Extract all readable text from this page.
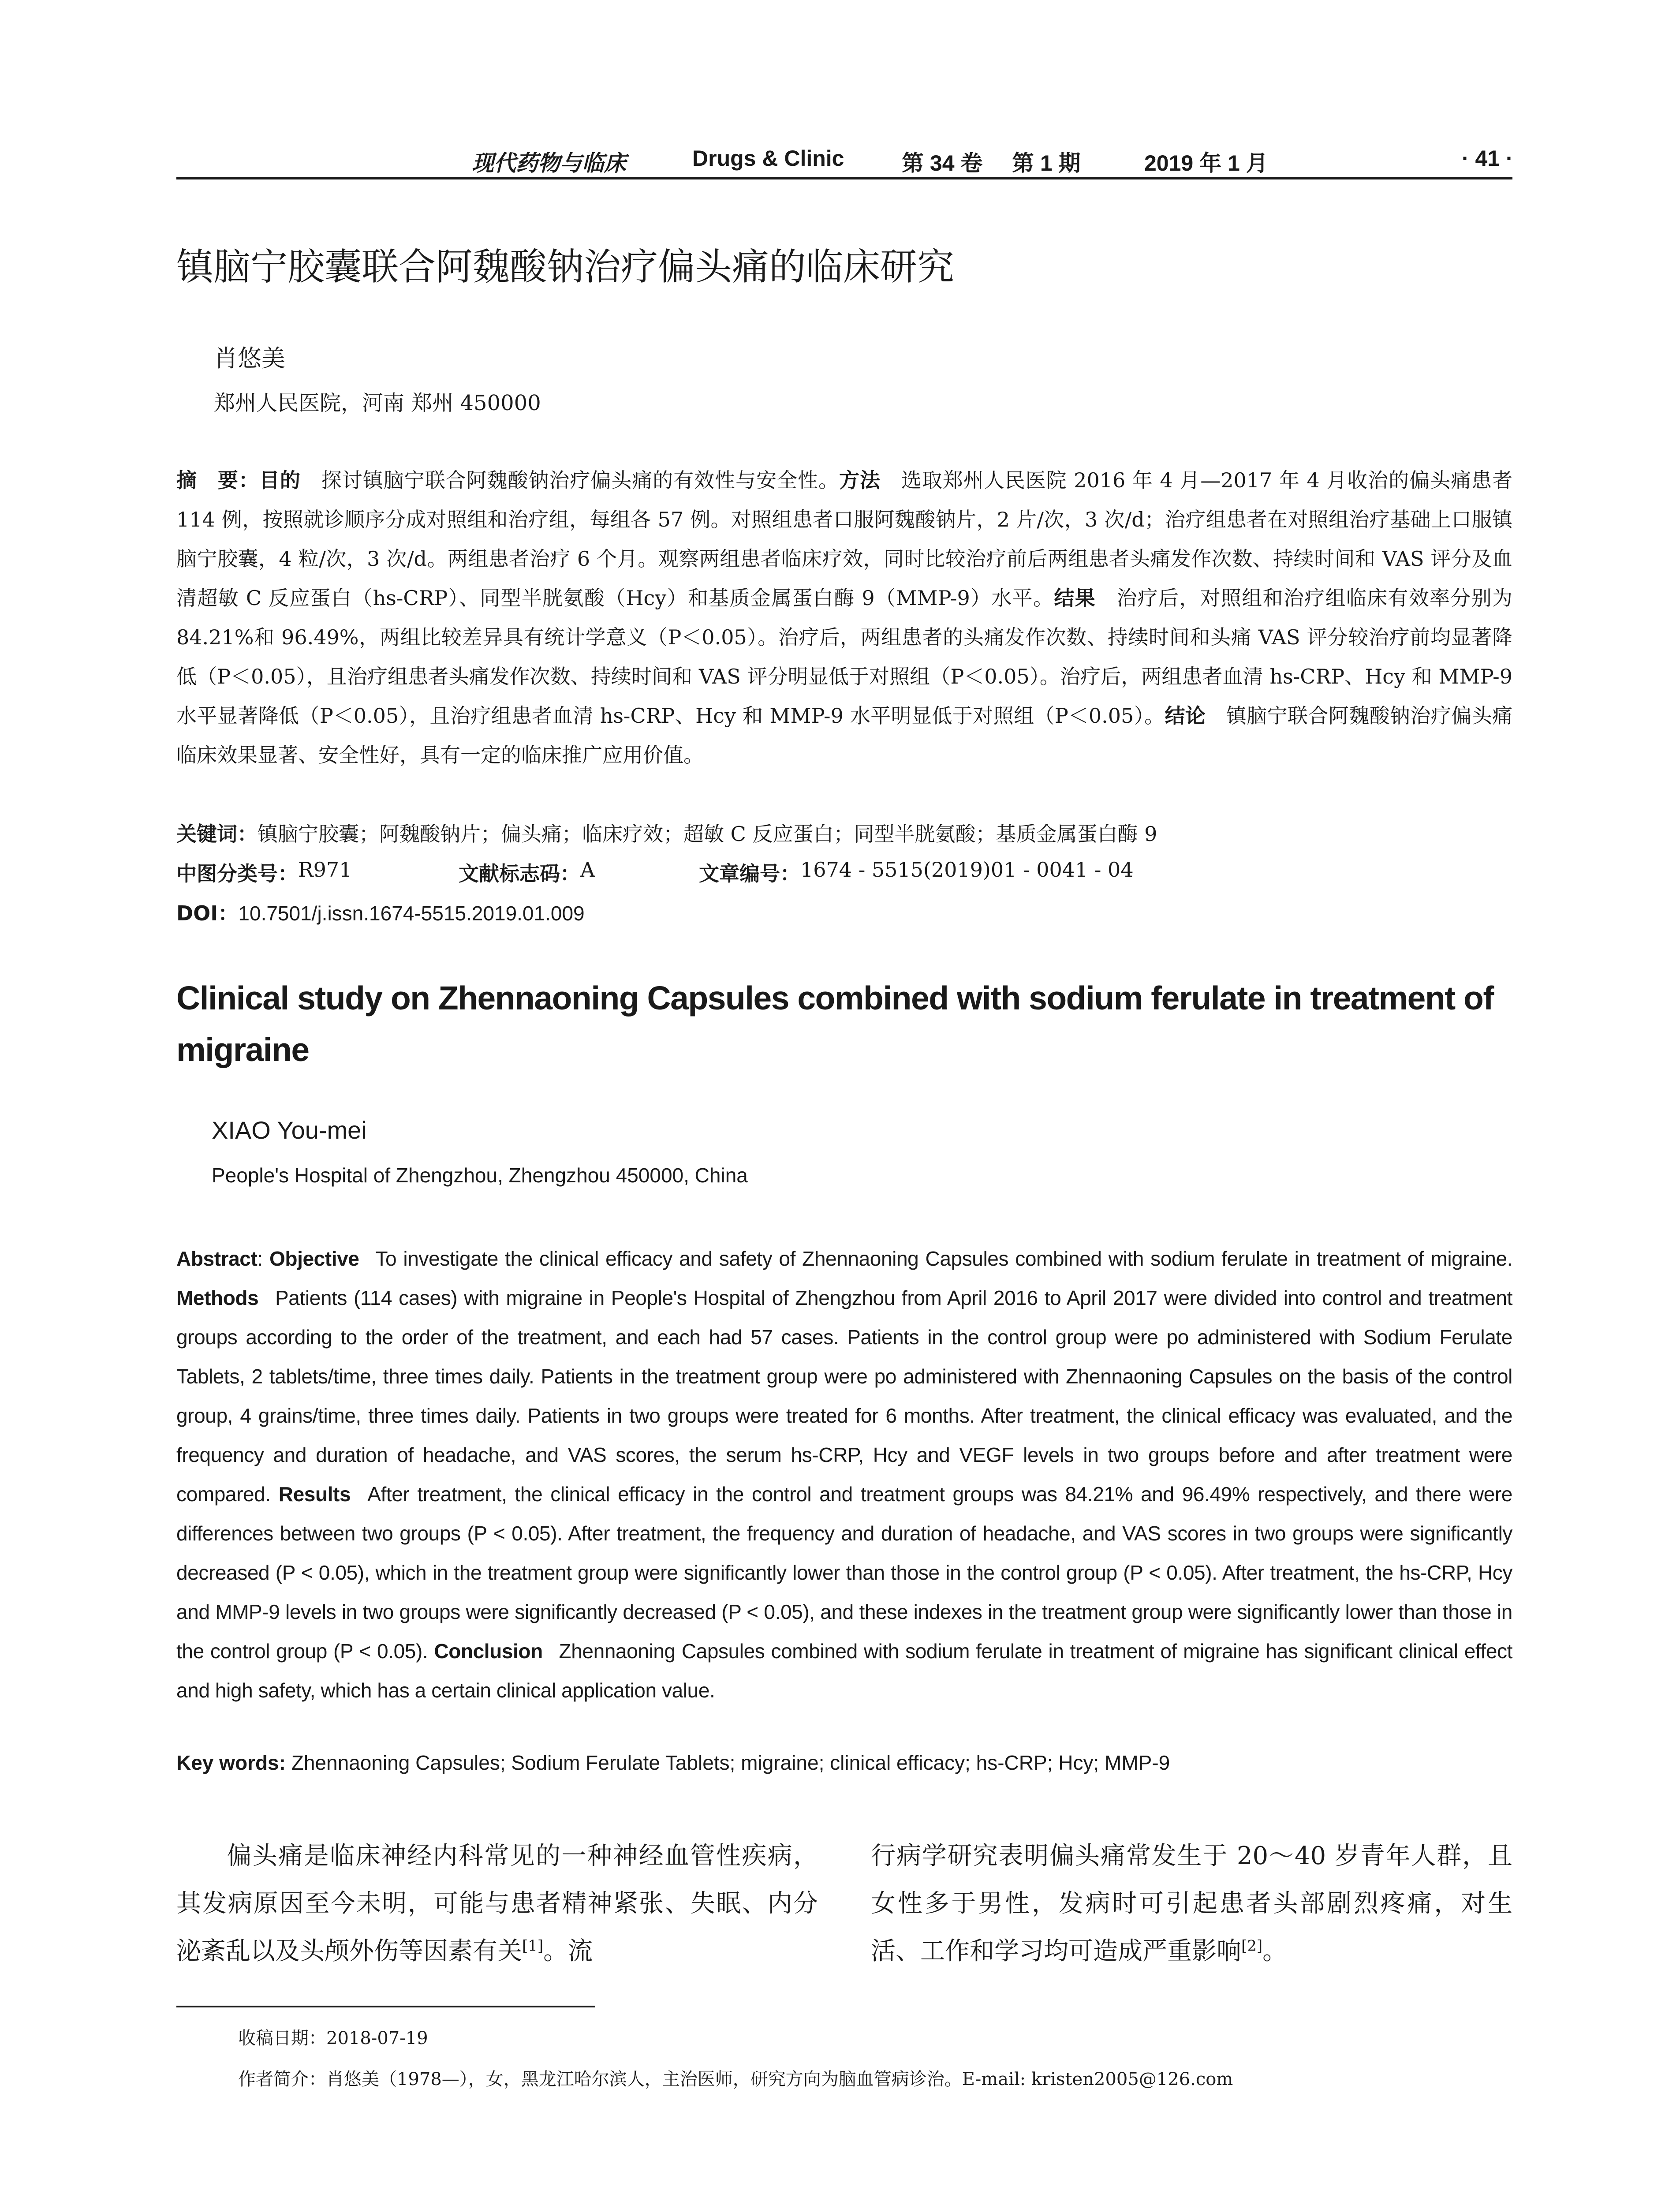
现代药物与临床	Drugs & Clinic	第 34 卷 第 1 期	2019 年 1 月	· 41 ·
镇脑宁胶囊联合阿魏酸钠治疗偏头痛的临床研究
肖悠美
郑州人民医院，河南 郑州 450000
摘　要：目的  探讨镇脑宁联合阿魏酸钠治疗偏头痛的有效性与安全性。方法  选取郑州人民医院 2016 年 4 月—2017 年 4 月收治的偏头痛患者 114 例，按照就诊顺序分成对照组和治疗组，每组各 57 例。对照组患者口服阿魏酸钠片，2 片/次，3 次/d；治疗组患者在对照组治疗基础上口服镇脑宁胶囊，4 粒/次，3 次/d。两组患者治疗 6 个月。观察两组患者临床疗效，同时比较治疗前后两组患者头痛发作次数、持续时间和 VAS 评分及血清超敏 C 反应蛋白（hs-CRP）、同型半胱氨酸（Hcy）和基质金属蛋白酶 9（MMP-9）水平。结果  治疗后，对照组和治疗组临床有效率分别为 84.21%和 96.49%，两组比较差异具有统计学意义（P＜0.05）。治疗后，两组患者的头痛发作次数、持续时间和头痛 VAS 评分较治疗前均显著降低（P＜0.05），且治疗组患者头痛发作次数、持续时间和 VAS 评分明显低于对照组（P＜0.05）。治疗后，两组患者血清 hs-CRP、Hcy 和 MMP-9 水平显著降低（P＜0.05），且治疗组患者血清 hs-CRP、Hcy 和 MMP-9 水平明显低于对照组（P＜0.05）。结论  镇脑宁联合阿魏酸钠治疗偏头痛临床效果显著、安全性好，具有一定的临床推广应用价值。
关键词：镇脑宁胶囊；阿魏酸钠片；偏头痛；临床疗效；超敏 C 反应蛋白；同型半胱氨酸；基质金属蛋白酶 9
中图分类号： R971	文献标志码： A	文章编号： 1674 - 5515(2019)01 - 0041 - 04
DOI：10.7501/j.issn.1674-5515.2019.01.009
Clinical study on Zhennaoning Capsules combined with sodium ferulate in treatment of migraine
XIAO You-mei
People's Hospital of Zhengzhou, Zhengzhou 450000, China
Abstract: Objective  To investigate the clinical efficacy and safety of Zhennaoning Capsules combined with sodium ferulate in treatment of migraine. Methods  Patients (114 cases) with migraine in People's Hospital of Zhengzhou from April 2016 to April 2017 were divided into control and treatment groups according to the order of the treatment, and each had 57 cases. Patients in the control group were po administered with Sodium Ferulate Tablets, 2 tablets/time, three times daily. Patients in the treatment group were po administered with Zhennaoning Capsules on the basis of the control group, 4 grains/time, three times daily. Patients in two groups were treated for 6 months. After treatment, the clinical efficacy was evaluated, and the frequency and duration of headache, and VAS scores, the serum hs-CRP, Hcy and VEGF levels in two groups before and after treatment were compared. Results  After treatment, the clinical efficacy in the control and treatment groups was 84.21% and 96.49% respectively, and there were differences between two groups (P < 0.05). After treatment, the frequency and duration of headache, and VAS scores in two groups were significantly decreased (P < 0.05), which in the treatment group were significantly lower than those in the control group (P < 0.05). After treatment, the hs-CRP, Hcy and MMP-9 levels in two groups were significantly decreased (P < 0.05), and these indexes in the treatment group were significantly lower than those in the control group (P < 0.05). Conclusion  Zhennaoning Capsules combined with sodium ferulate in treatment of migraine has significant clinical effect and high safety, which has a certain clinical application value.
Key words: Zhennaoning Capsules; Sodium Ferulate Tablets; migraine; clinical efficacy; hs-CRP; Hcy; MMP-9
偏头痛是临床神经内科常见的一种神经血管性疾病，其发病原因至今未明，可能与患者精神紧张、失眠、内分泌紊乱以及头颅外伤等因素有关[1]。流
行病学研究表明偏头痛常发生于 20～40 岁青年人群，且女性多于男性，发病时可引起患者头部剧烈疼痛，对生活、工作和学习均可造成严重影响[2]。
收稿日期：2018-07-19
作者简介：肖悠美（1978—），女，黑龙江哈尔滨人，主治医师，研究方向为脑血管病诊治。E-mail: kristen2005@126.com
